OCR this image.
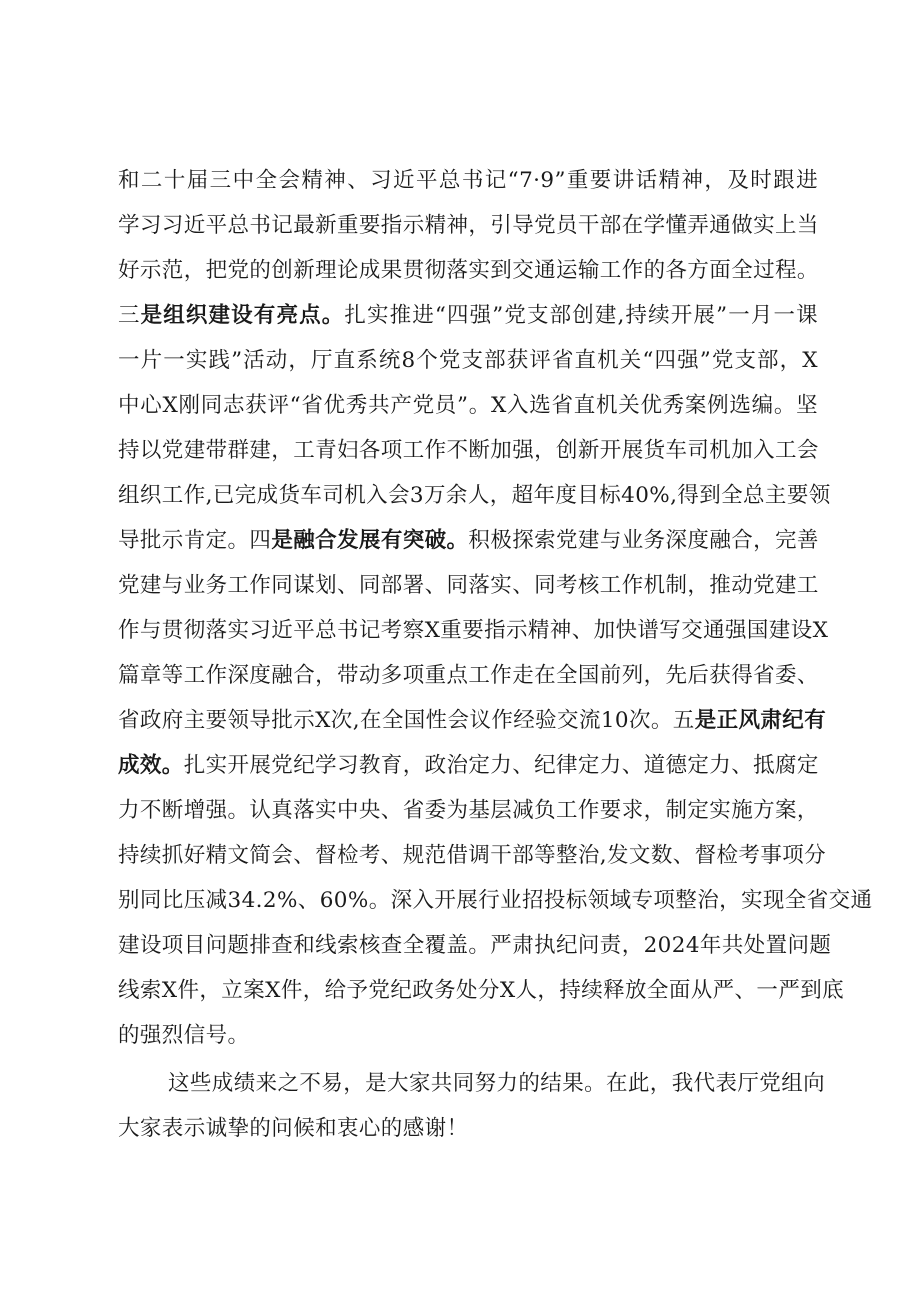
和二十届三中全会精神、习近平总书记“7·9”重要讲话精神，及时跟进
学习习近平总书记最新重要指示精神，引导党员干部在学懂弄通做实上当
好示范，把党的创新理论成果贯彻落实到交通运输工作的各方面全过程。
三是组织建设有亮点。扎实推进“四强”党支部创建,持续开展”一月一课
一片一实践”活动，厅直系统8个党支部获评省直机关“四强”党支部，X
中心X刚同志获评“省优秀共产党员”。X入选省直机关优秀案例选编。坚
持以党建带群建，工青妇各项工作不断加强，创新开展货车司机加入工会
组织工作,已完成货车司机入会3万余人，超年度目标40%,得到全总主要领
导批示肯定。四是融合发展有突破。积极探索党建与业务深度融合，完善
党建与业务工作同谋划、同部署、同落实、同考核工作机制，推动党建工
作与贯彻落实习近平总书记考察X重要指示精神、加快谱写交通强国建设X
篇章等工作深度融合，带动多项重点工作走在全国前列，先后获得省委、
省政府主要领导批示X次,在全国性会议作经验交流10次。五是正风肃纪有
成效。扎实开展党纪学习教育，政治定力、纪律定力、道德定力、抵腐定
力不断增强。认真落实中央、省委为基层减负工作要求，制定实施方案，
持续抓好精文简会、督检考、规范借调干部等整治,发文数、督检考事项分
别同比压减34.2%、60%。深入开展行业招投标领域专项整治，实现全省交通
建设项目问题排查和线索核查全覆盖。严肃执纪问责，2024年共处置问题
线索X件，立案X件，给予党纪政务处分X人，持续释放全面从严、一严到底
的强烈信号。
这些成绩来之不易，是大家共同努力的结果。在此，我代表厅党组向
大家表示诚挚的问候和衷心的感谢！
